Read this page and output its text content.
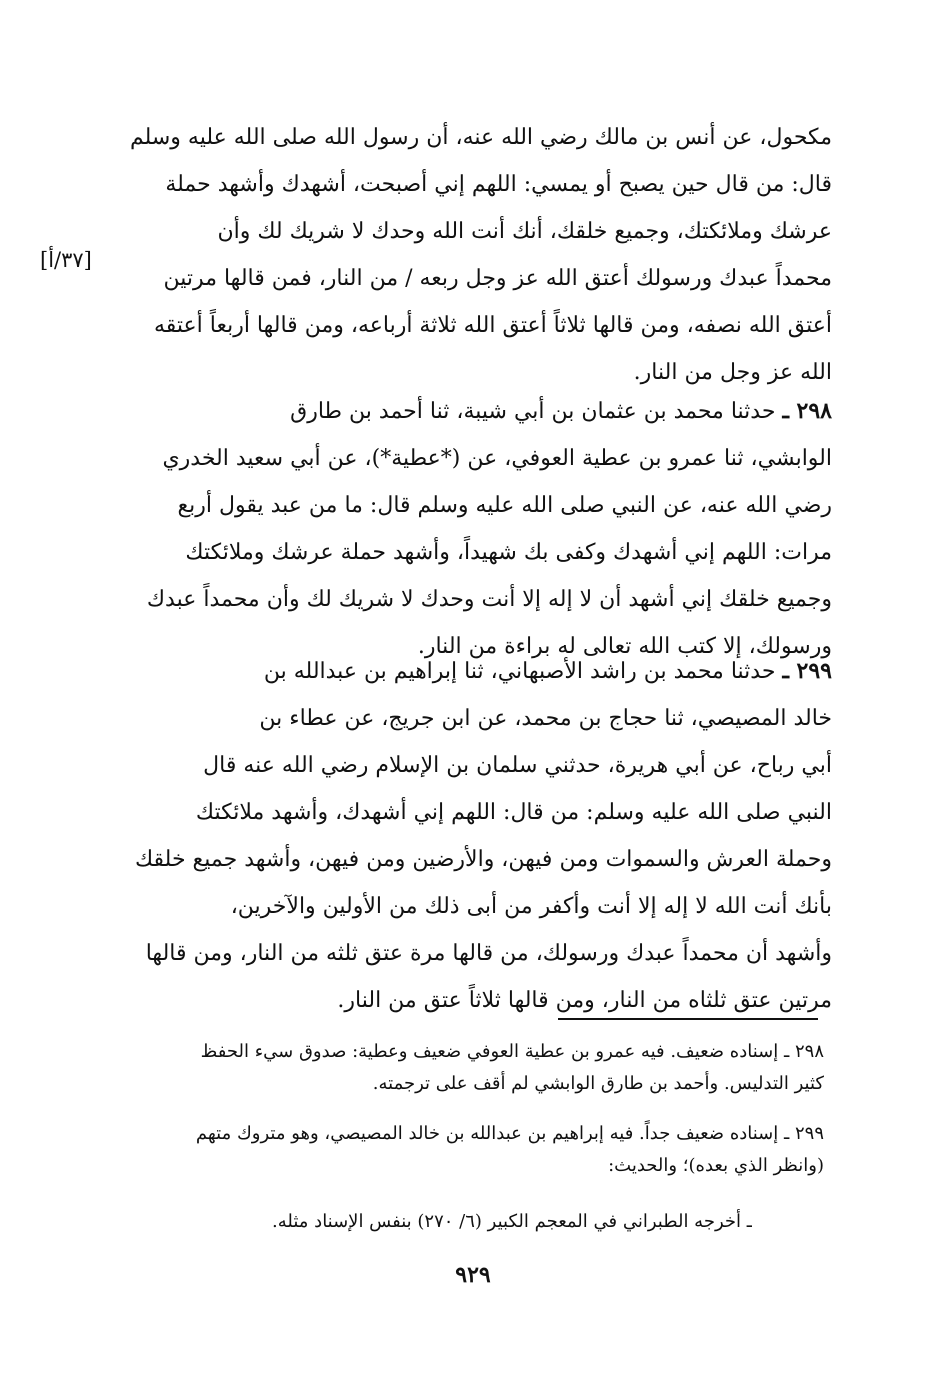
مكحول، عن أنس بن مالك رضي الله عنه، أن رسول الله صلى الله عليه وسلم
قال: من قال حين يصبح أو يمسي: اللهم إني أصبحت، أشهدك وأشهد حملة
عرشك وملائكتك، وجميع خلقك، أنك أنت الله وحدك لا شريك لك وأن
محمداً عبدك ورسولك أعتق الله عز وجل ربعه / من النار، فمن قالها مرتين
أعتق الله نصفه، ومن قالها ثلاثاً أعتق الله ثلاثة أرباعه، ومن قالها أربعاً أعتقه
الله عز وجل من النار.
[٣٧/أ]
٢٩٨ ـ حدثنا محمد بن عثمان بن أبي شيبة، ثنا أحمد بن طارق
الوابشي، ثنا عمرو بن عطية العوفي، عن (*عطية*)، عن أبي سعيد الخدري
رضي الله عنه، عن النبي صلى الله عليه وسلم قال: ما من عبد يقول أربع
مرات: اللهم إني أشهدك وكفى بك شهيداً، وأشهد حملة عرشك وملائكتك
وجميع خلقك إني أشهد أن لا إله إلا أنت وحدك لا شريك لك وأن محمداً عبدك
ورسولك، إلا كتب الله تعالى له براءة من النار.
٢٩٩ ـ حدثنا محمد بن راشد الأصبهاني، ثنا إبراهيم بن عبدالله بن
خالد المصيصي، ثنا حجاج بن محمد، عن ابن جريج، عن عطاء بن
أبي رباح، عن أبي هريرة، حدثني سلمان بن الإسلام رضي الله عنه قال
النبي صلى الله عليه وسلم: من قال: اللهم إني أشهدك، وأشهد ملائكتك
وحملة العرش والسموات ومن فيهن، والأرضين ومن فيهن، وأشهد جميع خلقك
بأنك أنت الله لا إله إلا أنت وأكفر من أبى ذلك من الأولين والآخرين،
وأشهد أن محمداً عبدك ورسولك، من قالها مرة عتق ثلثه من النار، ومن قالها
مرتين عتق ثلثاه من النار، ومن قالها ثلاثاً عتق من النار.
٢٩٨ ـ إسناده ضعيف. فيه عمرو بن عطية العوفي ضعيف وعطية: صدوق سيء الحفظ
كثير التدليس. وأحمد بن طارق الوابشي لم أقف على ترجمته.
٢٩٩ ـ إسناده ضعيف جداً. فيه إبراهيم بن عبدالله بن خالد المصيصي، وهو متروك متهم
(وانظر الذي بعده)؛ والحديث:
ـ أخرجه الطبراني في المعجم الكبير (٦/ ٢٧٠) بنفس الإسناد مثله.
٩٢٩
